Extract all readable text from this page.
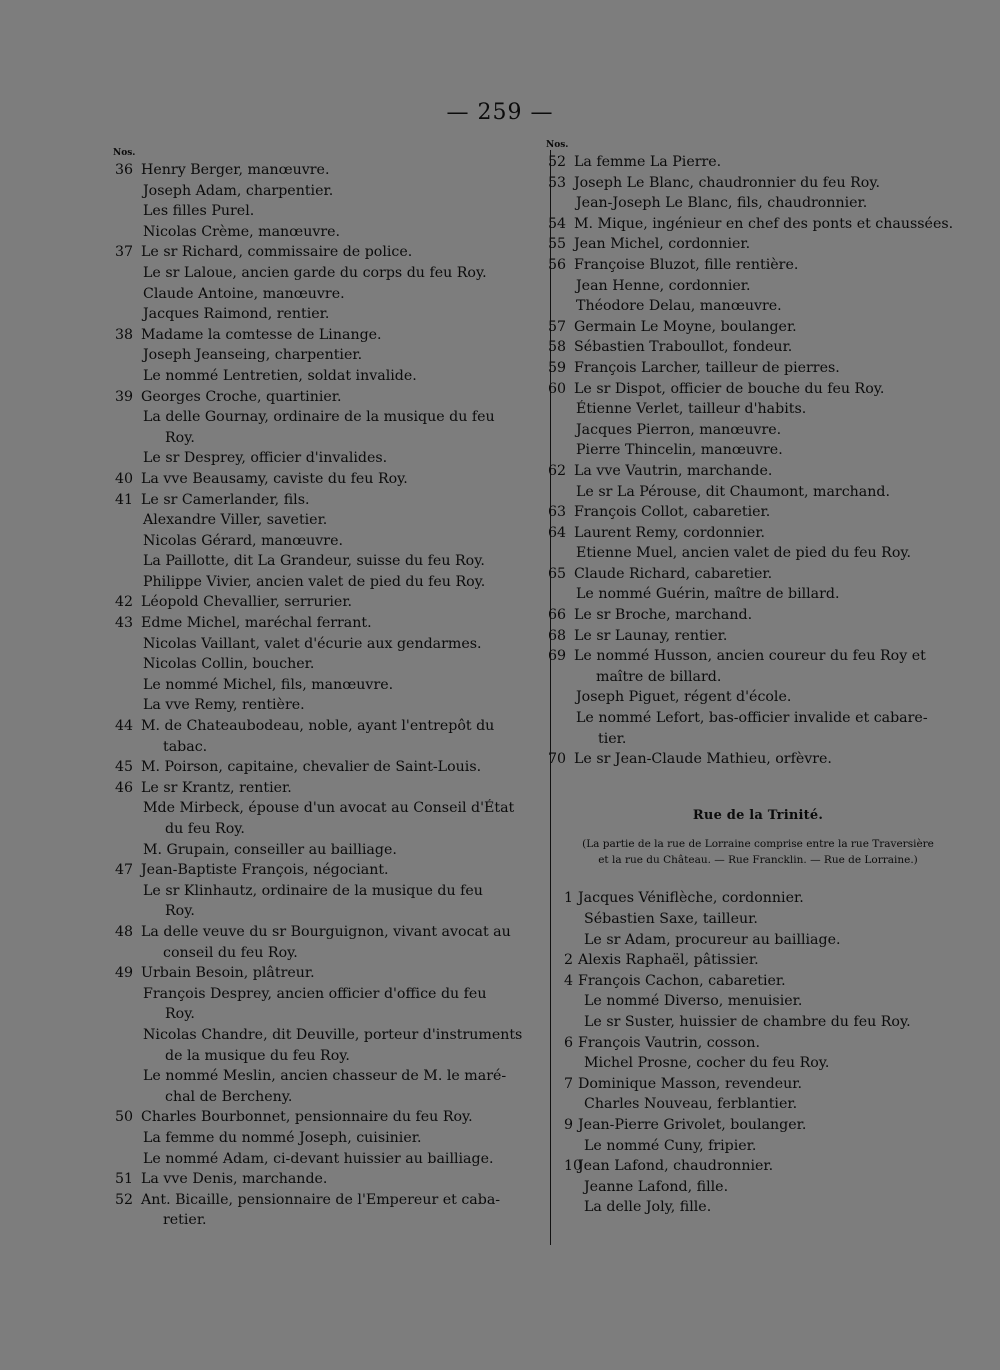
— 259 —
Nos.
36 Henry Berger, manœuvre.
Joseph Adam, charpentier.
Les filles Purel.
Nicolas Crème, manœuvre.
37 Le sr Richard, commissaire de police.
Le sr Laloue, ancien garde du corps du feu Roy.
Claude Antoine, manœuvre.
Jacques Raimond, rentier.
38 Madame la comtesse de Linange.
Joseph Jeanseing, charpentier.
Le nommé Lentretien, soldat invalide.
39 Georges Croche, quartinier.
La delle Gournay, ordinaire de la musique du feu
Roy.
Le sr Desprey, officier d'invalides.
40 La vve Beausamy, caviste du feu Roy.
41 Le sr Camerlander, fils.
Alexandre Viller, savetier.
Nicolas Gérard, manœuvre.
La Paillotte, dit La Grandeur, suisse du feu Roy.
Philippe Vivier, ancien valet de pied du feu Roy.
42 Léopold Chevallier, serrurier.
43 Edme Michel, maréchal ferrant.
Nicolas Vaillant, valet d'écurie aux gendarmes.
Nicolas Collin, boucher.
Le nommé Michel, fils, manœuvre.
La vve Remy, rentière.
44 M. de Chateaubodeau, noble, ayant l'entrepôt du
tabac.
45 M. Poirson, capitaine, chevalier de Saint-Louis.
46 Le sr Krantz, rentier.
Mde Mirbeck, épouse d'un avocat au Conseil d'État
du feu Roy.
M. Grupain, conseiller au bailliage.
47 Jean-Baptiste François, négociant.
Le sr Klinhautz, ordinaire de la musique du feu
Roy.
48 La delle veuve du sr Bourguignon, vivant avocat au
conseil du feu Roy.
49 Urbain Besoin, plâtreur.
François Desprey, ancien officier d'office du feu
Roy.
Nicolas Chandre, dit Deuville, porteur d'instruments
de la musique du feu Roy.
Le nommé Meslin, ancien chasseur de M. le maré-
chal de Bercheny.
50 Charles Bourbonnet, pensionnaire du feu Roy.
La femme du nommé Joseph, cuisinier.
Le nommé Adam, ci-devant huissier au bailliage.
51 La vve Denis, marchande.
52 Ant. Bicaille, pensionnaire de l'Empereur et caba-
retier.
Nos.
52 La femme La Pierre.
53 Joseph Le Blanc, chaudronnier du feu Roy.
Jean-Joseph Le Blanc, fils, chaudronnier.
54 M. Mique, ingénieur en chef des ponts et chaussées.
55 Jean Michel, cordonnier.
56 Françoise Bluzot, fille rentière.
Jean Henne, cordonnier.
Théodore Delau, manœuvre.
57 Germain Le Moyne, boulanger.
58 Sébastien Traboullot, fondeur.
59 François Larcher, tailleur de pierres.
60 Le sr Dispot, officier de bouche du feu Roy.
Étienne Verlet, tailleur d'habits.
Jacques Pierron, manœuvre.
Pierre Thincelin, manœuvre.
62 La vve Vautrin, marchande.
Le sr La Pérouse, dit Chaumont, marchand.
63 François Collot, cabaretier.
64 Laurent Remy, cordonnier.
Etienne Muel, ancien valet de pied du feu Roy.
65 Claude Richard, cabaretier.
Le nommé Guérin, maître de billard.
66 Le sr Broche, marchand.
68 Le sr Launay, rentier.
69 Le nommé Husson, ancien coureur du feu Roy et
maître de billard.
Joseph Piguet, régent d'école.
Le nommé Lefort, bas-officier invalide et cabare-
tier.
70 Le sr Jean-Claude Mathieu, orfèvre.
Rue de la Trinité.
(La partie de la rue de Lorraine comprise entre la rue Traversière
et la rue du Château. — Rue Francklin. — Rue de Lorraine.)
1 Jacques Véniflèche, cordonnier.
Sébastien Saxe, tailleur.
Le sr Adam, procureur au bailliage.
2 Alexis Raphaël, pâtissier.
4 François Cachon, cabaretier.
Le nommé Diverso, menuisier.
Le sr Suster, huissier de chambre du feu Roy.
6 François Vautrin, cosson.
Michel Prosne, cocher du feu Roy.
7 Dominique Masson, revendeur.
Charles Nouveau, ferblantier.
9 Jean-Pierre Grivolet, boulanger.
Le nommé Cuny, fripier.
10
Jean Lafond, chaudronnier.
Jeanne Lafond, fille.
La delle Joly, fille.
